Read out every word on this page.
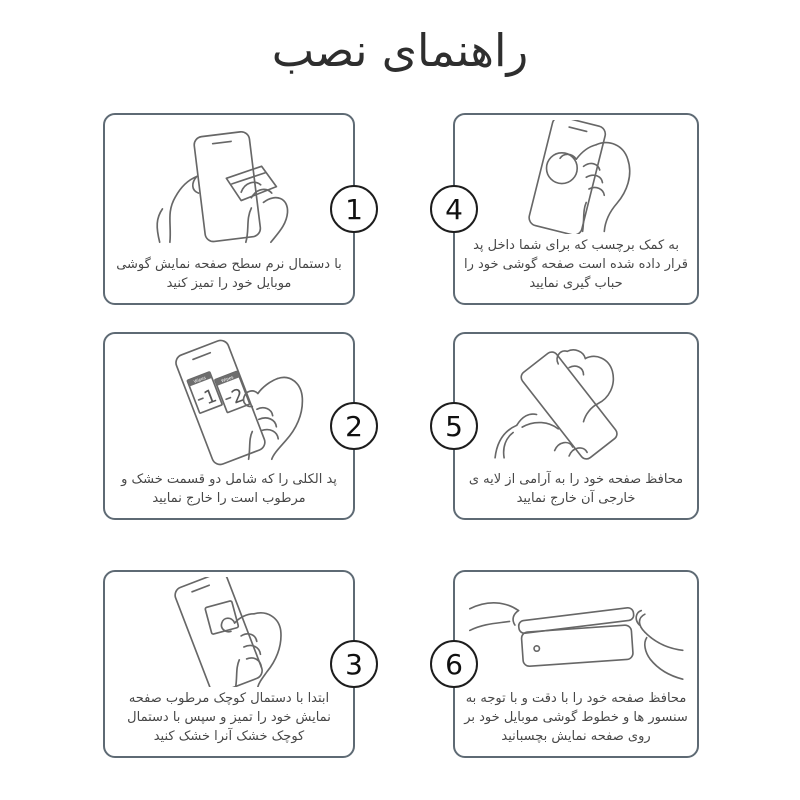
راهنمای نصب

با دستمال نرم سطح صفحه نمایش گوشی موبایل خود را تمیز کنید

1

به کمک برچسب که برای شما داخل پد قرار داده شده است صفحه گوشی خود را حباب گیری نمایید

4
Wipes
1
Wipes
2

پد الکلی را که شامل دو قسمت خشک و مرطوب است را خارج نمایید

2

محافظ صفحه خود را به آرامی از لایه ی خارجی آن خارج نمایید

5

ابتدا با دستمال کوچک مرطوب صفحه نمایش خود را تمیز و سپس با دستمال کوچک خشک آنرا خشک کنید

3

محافظ صفحه خود را با دقت و با توجه به سنسور ها و خطوط گوشی موبایل خود بر روی صفحه نمایش بچسبانید

6
